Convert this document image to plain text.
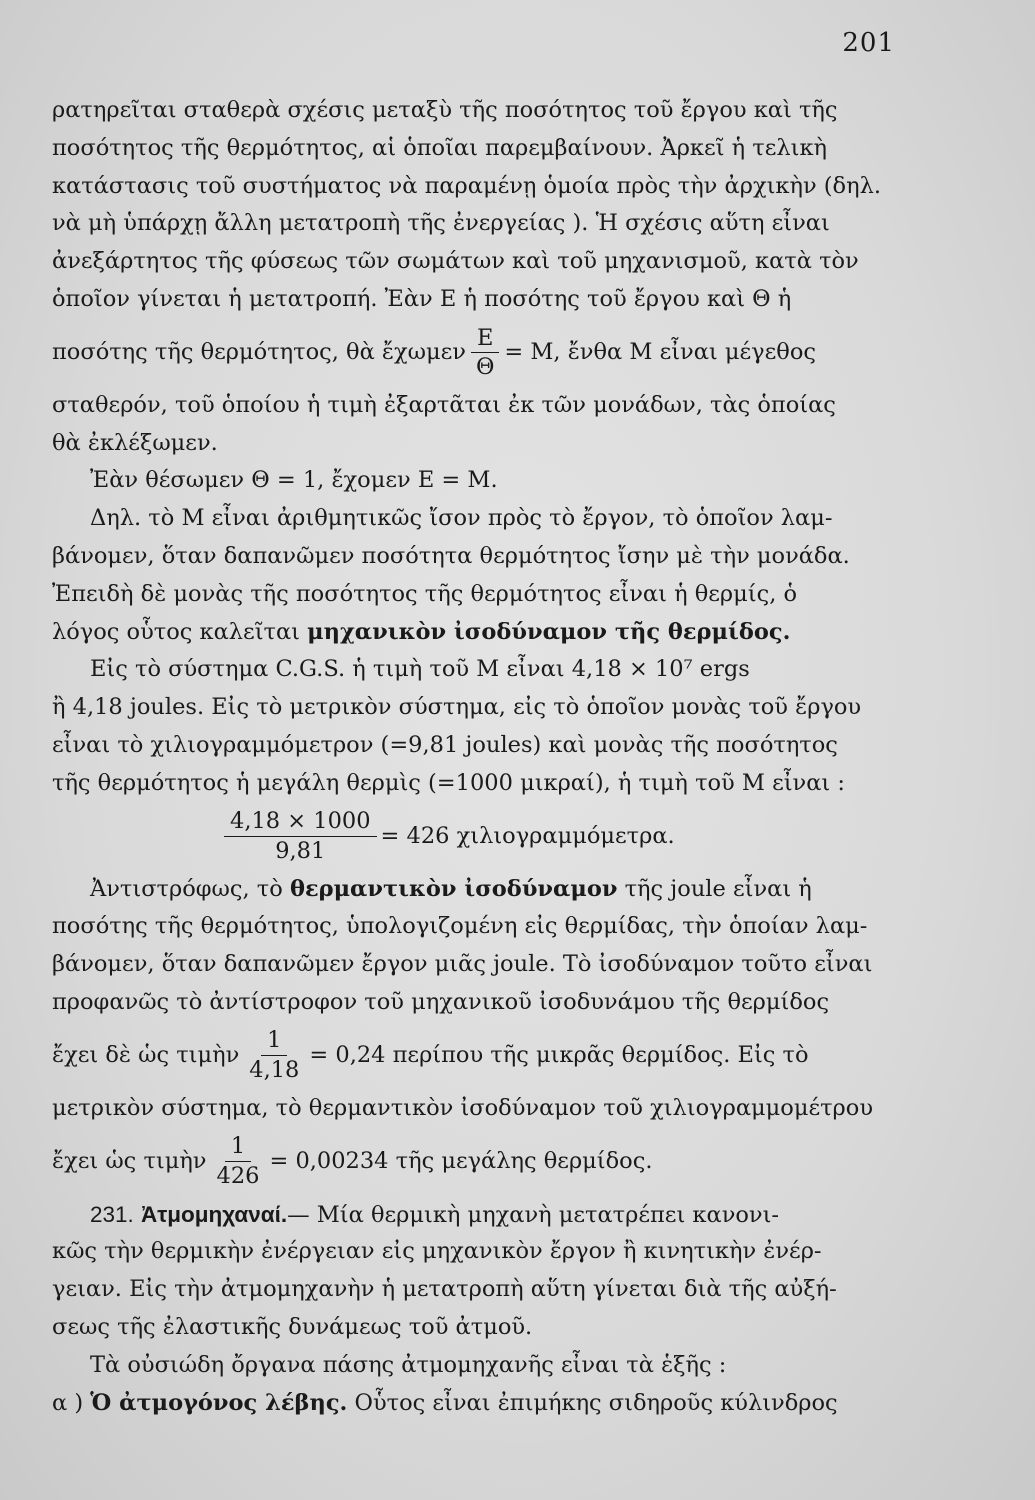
201
ρατηρεῖται σταθερὰ σχέσις μεταξὺ τῆς ποσότητος τοῦ ἔργου καὶ τῆς
ποσότητος τῆς θερμότητος, αἱ ὁποῖαι παρεμβαίνουν. Ἀρκεῖ ἡ τελικὴ
κατάστασις τοῦ συστήματος νὰ παραμένῃ ὁμοία πρὸς τὴν ἀρχικὴν (δηλ.
νὰ μὴ ὑπάρχῃ ἄλλη μετατροπὴ τῆς ἐνεργείας ). Ἡ σχέσις αὕτη εἶναι
ἀνεξάρτητος τῆς φύσεως τῶν σωμάτων καὶ τοῦ μηχανισμοῦ, κατὰ τὸν
ὁποῖον γίνεται ἡ μετατροπή. Ἐὰν Ε ἡ ποσότης τοῦ ἔργου καὶ Θ ἡ
ποσότης τῆς θερμότητος, θὰ ἔχωμεν $\frac{E}{\Theta} = M$, ἔνθα Μ εἶναι μέγεθος
σταθερόν, τοῦ ὁποίου ἡ τιμὴ ἐξαρτᾶται ἐκ τῶν μονάδων, τὰς ὁποίας
θὰ ἐκλέξωμεν.
Ἐὰν θέσωμεν Θ = 1, ἔχομεν Ε = Μ.
Δηλ. τὸ Μ εἶναι ἀριθμητικῶς ἴσον πρὸς τὸ ἔργον, τὸ ὁποῖον λαμ-
βάνομεν, ὅταν δαπανῶμεν ποσότητα θερμότητος ἴσην μὲ τὴν μονάδα.
Ἐπειδὴ δὲ μονὰς τῆς ποσότητος τῆς θερμότητος εἶναι ἡ θερμίς, ὁ
λόγος οὗτος καλεῖται μηχανικὸν ἰσοδύναμον τῆς θερμίδος.
Εἰς τὸ σύστημα C.G.S. ἡ τιμὴ τοῦ Μ εἶναι 4,18 × 10⁷ ergs
ἢ 4,18 joules. Εἰς τὸ μετρικὸν σύστημα, εἰς τὸ ὁποῖον μονὰς τοῦ ἔργου
εἶναι τὸ χιλιογραμμόμετρον (=9,81 joules) καὶ μονὰς τῆς ποσότητος
τῆς θερμότητος ἡ μεγάλη θερμὶς (=1000 μικραί), ἡ τιμὴ τοῦ Μ εἶναι :
$\frac{4,18 \times 1000}{9,81} = 426$ χιλιογραμμόμετρα.
Ἀντιστρόφως, τὸ θερμαντικὸν ἰσοδύναμον τῆς joule εἶναι ἡ
ποσότης τῆς θερμότητος, ὑπολογιζομένη εἰς θερμίδας, τὴν ὁποίαν λαμ-
βάνομεν, ὅταν δαπανῶμεν ἔργον μιᾶς joule. Τὸ ἰσοδύναμον τοῦτο εἶναι
προφανῶς τὸ ἀντίστροφον τοῦ μηχανικοῦ ἰσοδυνάμου τῆς θερμίδος
ἔχει δὲ ὡς τιμὴν $\frac{1}{4,18} = 0,24$ περίπου τῆς μικρᾶς θερμίδος. Εἰς τὸ
μετρικὸν σύστημα, τὸ θερμαντικὸν ἰσοδύναμον τοῦ χιλιογραμμομέτρου
ἔχει ὡς τιμὴν $\frac{1}{426} = 0,00234$ τῆς μεγάλης θερμίδος.
231. Ἀτμομηχαναί.— Μία θερμικὴ μηχανὴ μετατρέπει κανονι-
κῶς τὴν θερμικὴν ἐνέργειαν εἰς μηχανικὸν ἔργον ἢ κινητικὴν ἐνέρ-
γειαν. Εἰς τὴν ἀτμομηχανὴν ἡ μετατροπὴ αὕτη γίνεται διὰ τῆς αὐξή-
σεως τῆς ἐλαστικῆς δυνάμεως τοῦ ἀτμοῦ.
Τὰ οὐσιώδη ὄργανα πάσης ἀτμομηχανῆς εἶναι τὰ ἑξῆς :
α ) Ὁ ἀτμογόνος λέβης. Οὗτος εἶναι ἐπιμήκης σιδηροῦς κύλινδρος
